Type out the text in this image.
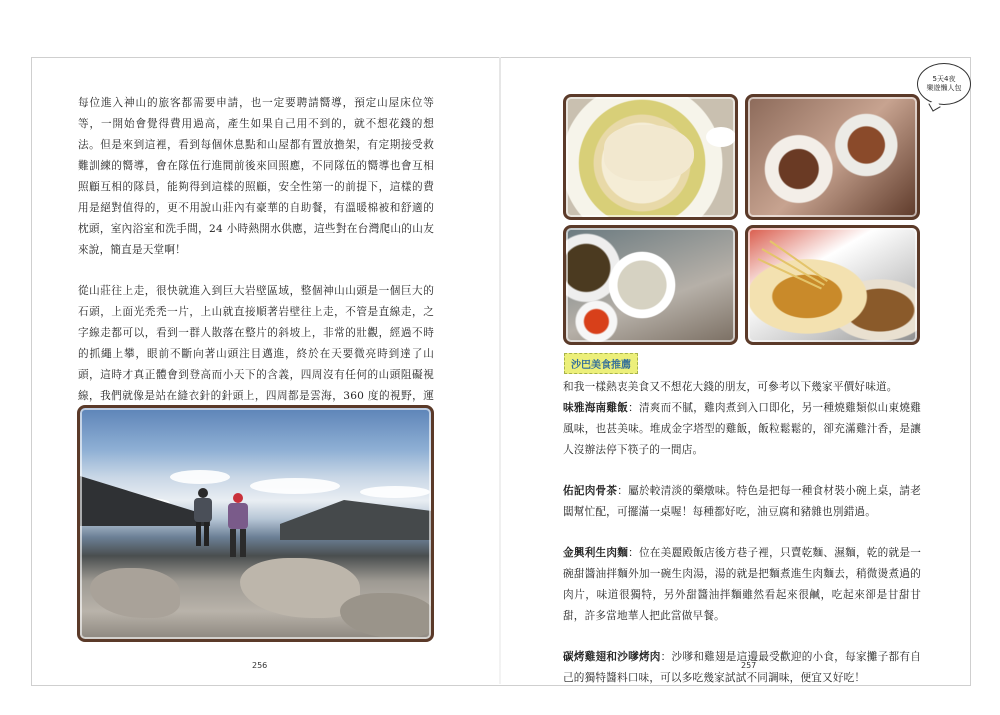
5天4夜
樂遊懶人包

每位進入神山的旅客都需要申請，也一定要聘請嚮導，預定山屋床位等等，一開始會覺得費用過高，產生如果自己用不到的，就不想花錢的想法。但是來到這裡，看到每個休息點和山屋都有置放擔架，有定期接受救難訓練的嚮導，會在隊伍行進間前後來回照應，不同隊伍的嚮導也會互相照顧互相的隊員，能夠得到這樣的照顧，安全性第一的前提下，這樣的費用是絕對值得的，更不用說山莊內有豪華的自助餐，有溫暖棉被和舒適的枕頭，室內浴室和洗手間，24 小時熱開水供應，這些對在台灣爬山的山友來說，簡直是天堂啊！

從山莊往上走，很快就進入到巨大岩壁區域，整個神山山頭是一個巨大的石頭，上面光禿禿一片，上山就直接順著岩壁往上走，不管是直線走，之字線走都可以，看到一群人散落在整片的斜坡上，非常的壯觀，經過不時的抓繩上攀，眼前不斷向著山頭注目邁進，終於在天要微亮時到達了山頭，這時才真正體會到登高而小天下的含義，四周沒有任何的山頭阻礙視線，我們就像是站在縫衣針的針頭上，四周都是雲海，360 度的視野，運

256
沙巴美食推薦
和我一樣熱衷美食又不想花大錢的朋友，可參考以下幾家平價好味道。
味雅海南雞飯：清爽而不膩，雞肉煮到入口即化，另一種燒雞類似山東燒雞風味，也甚美味。堆成金字塔型的雞飯，飯粒鬆鬆的，卻充滿雞汁香，是讓人沒辦法停下筷子的一間店。
佑記肉骨茶：屬於較清淡的藥燉味。特色是把每一種食材裝小碗上桌，請老闆幫忙配，可擺滿一桌喔！每種都好吃，油豆腐和豬雜也別錯過。
金興利生肉麵：位在美麗殿飯店後方巷子裡，只賣乾麵、濕麵，乾的就是一碗甜醬油拌麵外加一碗生肉湯，湯的就是把麵煮進生肉麵去，稍微燙煮過的肉片，味道很獨特，另外甜醬油拌麵雖然看起來很鹹，吃起來卻是甘甜甘甜，許多當地華人把此當做早餐。
碳烤雞翅和沙嗲烤肉：沙嗲和雞翅是這邊最受歡迎的小食，每家攤子都有自己的獨特醬料口味，可以多吃幾家試試不同調味，便宜又好吃！
257
